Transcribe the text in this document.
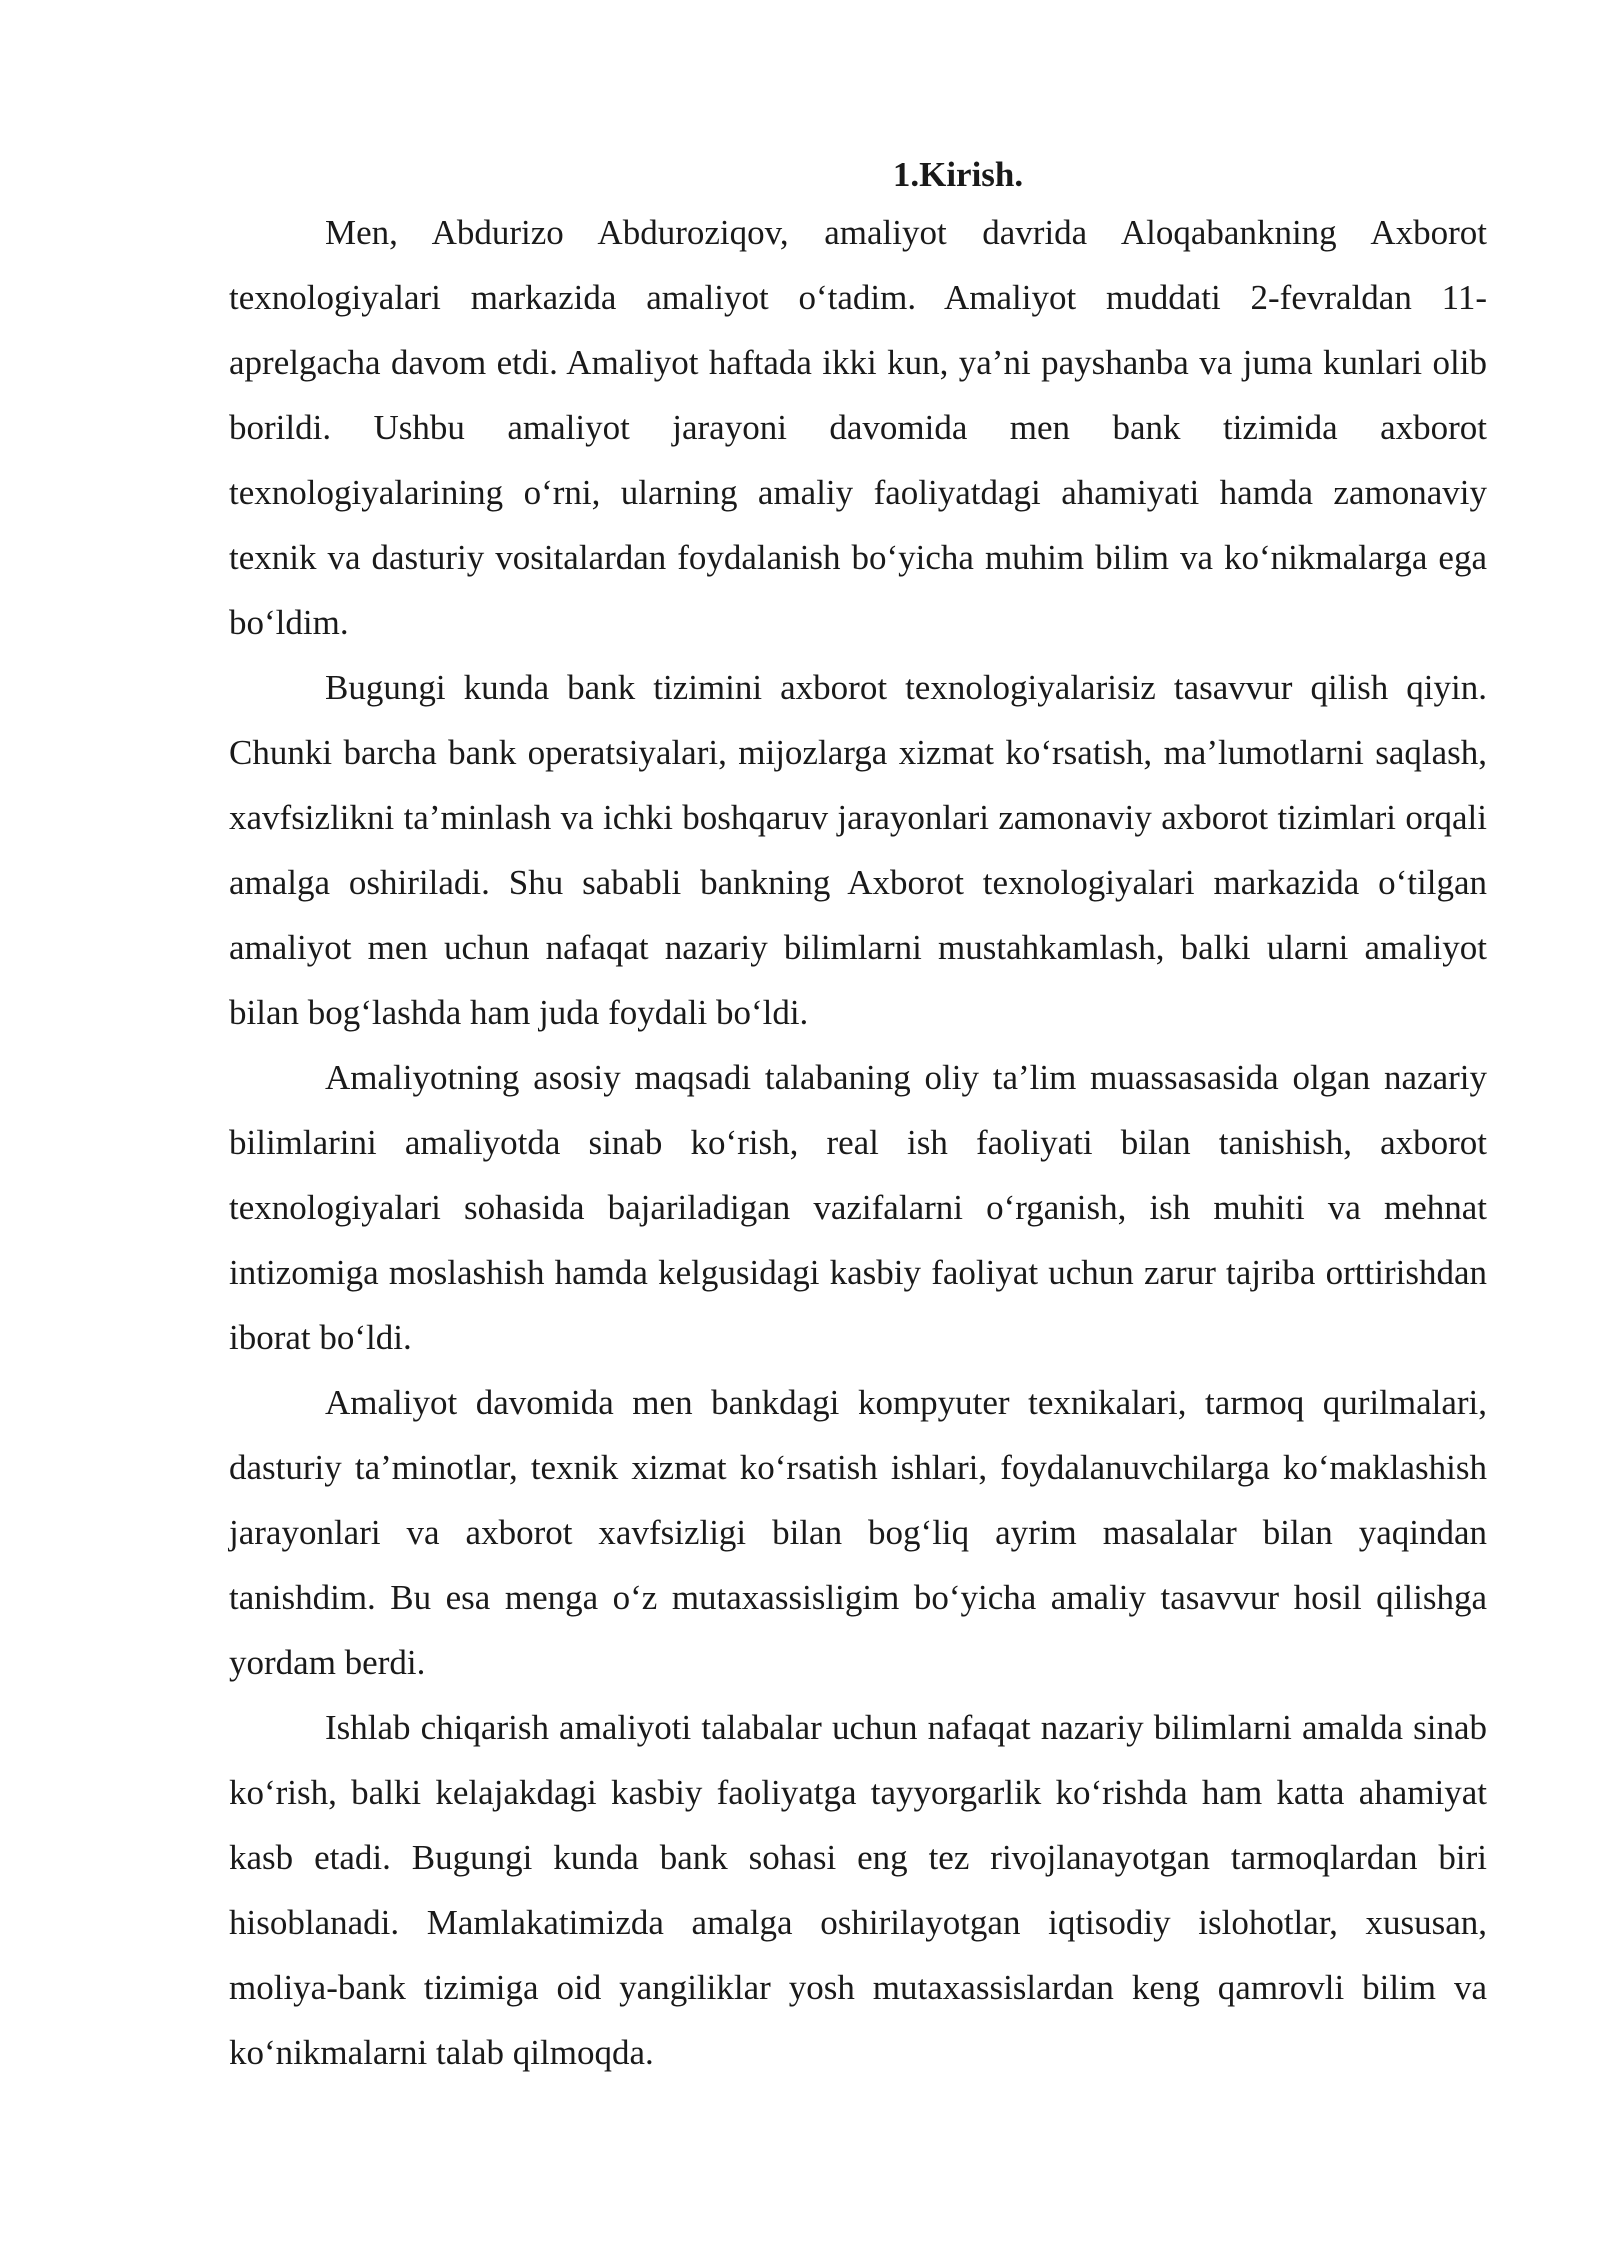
1.Kirish.

Men, Abdurizo Abduroziqov, amaliyot davrida Aloqabankning Axborot texnologiyalari markazida amaliyot o‘tadim. Amaliyot muddati 2-fevraldan 11-aprelgacha davom etdi. Amaliyot haftada ikki kun, ya’ni payshanba va juma kunlari olib borildi. Ushbu amaliyot jarayoni davomida men bank tizimida axborot texnologiyalarining o‘rni, ularning amaliy faoliyatdagi ahamiyati hamda zamonaviy texnik va dasturiy vositalardan foydalanish bo‘yicha muhim bilim va ko‘nikmalarga ega bo‘ldim.

Bugungi kunda bank tizimini axborot texnologiyalarisiz tasavvur qilish qiyin. Chunki barcha bank operatsiyalari, mijozlarga xizmat ko‘rsatish, ma’lumotlarni saqlash, xavfsizlikni ta’minlash va ichki boshqaruv jarayonlari zamonaviy axborot tizimlari orqali amalga oshiriladi. Shu sababli bankning Axborot texnologiyalari markazida o‘tilgan amaliyot men uchun nafaqat nazariy bilimlarni mustahkamlash, balki ularni amaliyot bilan bog‘lashda ham juda foydali bo‘ldi.

Amaliyotning asosiy maqsadi talabaning oliy ta’lim muassasasida olgan nazariy bilimlarini amaliyotda sinab ko‘rish, real ish faoliyati bilan tanishish, axborot texnologiyalari sohasida bajariladigan vazifalarni o‘rganish, ish muhiti va mehnat intizomiga moslashish hamda kelgusidagi kasbiy faoliyat uchun zarur tajriba orttirishdan iborat bo‘ldi.

Amaliyot davomida men bankdagi kompyuter texnikalari, tarmoq qurilmalari, dasturiy ta’minotlar, texnik xizmat ko‘rsatish ishlari, foydalanuvchilarga ko‘maklashish jarayonlari va axborot xavfsizligi bilan bog‘liq ayrim masalalar bilan yaqindan tanishdim. Bu esa menga o‘z mutaxassisligim bo‘yicha amaliy tasavvur hosil qilishga yordam berdi.

Ishlab chiqarish amaliyoti talabalar uchun nafaqat nazariy bilimlarni amalda sinab ko‘rish, balki kelajakdagi kasbiy faoliyatga tayyorgarlik ko‘rishda ham katta ahamiyat kasb etadi. Bugungi kunda bank sohasi eng tez rivojlanayotgan tarmoqlardan biri hisoblanadi. Mamlakatimizda amalga oshirilayotgan iqtisodiy islohotlar, xususan, moliya-bank tizimiga oid yangiliklar yosh mutaxassislardan keng qamrovli bilim va ko‘nikmalarni talab qilmoqda.
